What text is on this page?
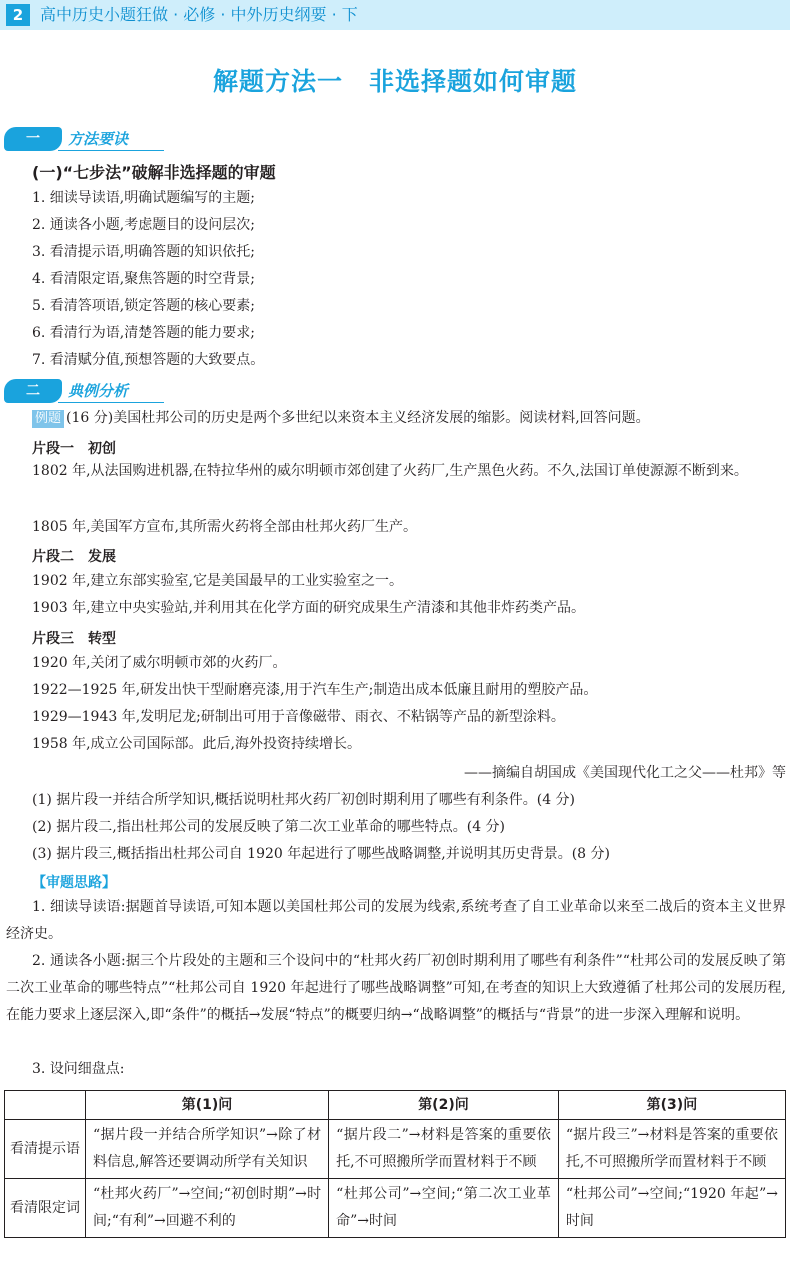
2	高中历史小题狂做 · 必修 · 中外历史纲要 · 下
解题方法一　非选择题如何审题
一	方法要诀
(一)“七步法”破解非选择题的审题
1. 细读导读语,明确试题编写的主题;
2. 通读各小题,考虑题目的设问层次;
3. 看清提示语,明确答题的知识依托;
4. 看清限定语,聚焦答题的时空背景;
5. 看清答项语,锁定答题的核心要素;
6. 看清行为语,清楚答题的能力要求;
7. 看清赋分值,预想答题的大致要点。
二	典例分析
例题 (16 分)美国杜邦公司的历史是两个多世纪以来资本主义经济发展的缩影。阅读材料,回答问题。
片段一　初创
1802 年,从法国购进机器,在特拉华州的威尔明顿市郊创建了火药厂,生产黑色火药。不久,法国订单使源源不断到来。
1805 年,美国军方宣布,其所需火药将全部由杜邦火药厂生产。
片段二　发展
1902 年,建立东部实验室,它是美国最早的工业实验室之一。
1903 年,建立中央实验站,并利用其在化学方面的研究成果生产清漆和其他非炸药类产品。
片段三　转型
1920 年,关闭了威尔明顿市郊的火药厂。
1922—1925 年,研发出快干型耐磨亮漆,用于汽车生产;制造出成本低廉且耐用的塑胶产品。
1929—1943 年,发明尼龙;研制出可用于音像磁带、雨衣、不粘锅等产品的新型涂料。
1958 年,成立公司国际部。此后,海外投资持续增长。
——摘编自胡国成《美国现代化工之父——杜邦》等
(1) 据片段一并结合所学知识,概括说明杜邦火药厂初创时期利用了哪些有利条件。(4 分)
(2) 据片段二,指出杜邦公司的发展反映了第二次工业革命的哪些特点。(4 分)
(3) 据片段三,概括指出杜邦公司自 1920 年起进行了哪些战略调整,并说明其历史背景。(8 分)
【审题思路】
1. 细读导读语:据题首导读语,可知本题以美国杜邦公司的发展为线索,系统考查了自工业革命以来至二战后的资本主义世界经济史。
2. 通读各小题:据三个片段处的主题和三个设问中的“杜邦火药厂初创时期利用了哪些有利条件”“杜邦公司的发展反映了第二次工业革命的哪些特点”“杜邦公司自 1920 年起进行了哪些战略调整”可知,在考查的知识上大致遵循了杜邦公司的发展历程,在能力要求上逐层深入,即“条件”的概括→发展“特点”的概要归纳→“战略调整”的概括与“背景”的进一步深入理解和说明。
3. 设问细盘点:
	第(1)问	第(2)问	第(3)问
看清提示语	“据片段一并结合所学知识”→除了材料信息,解答还要调动所学有关知识	“据片段二”→材料是答案的重要依托,不可照搬所学而置材料于不顾	“据片段三”→材料是答案的重要依托,不可照搬所学而置材料于不顾
看清限定词	“杜邦火药厂”→空间;“初创时期”→时间;“有利”→回避不利的	“杜邦公司”→空间;“第二次工业革命”→时间	“杜邦公司”→空间;“1920 年起”→时间
